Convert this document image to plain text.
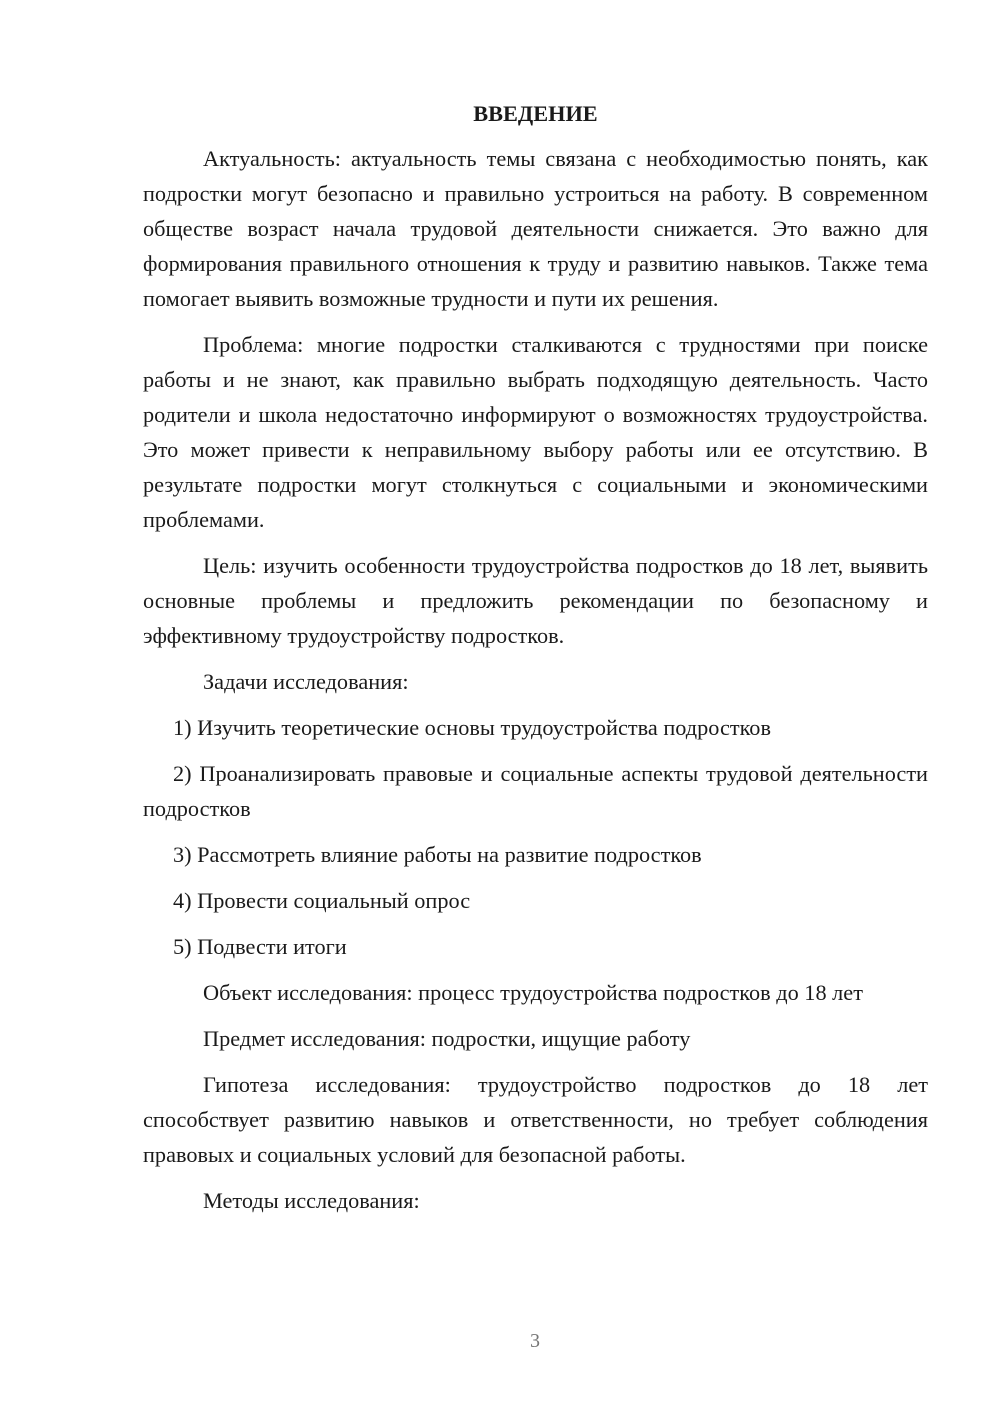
ВВЕДЕНИЕ

Актуальность: актуальность темы связана с необходимостью понять, как подростки могут безопасно и правильно устроиться на работу. В современном обществе возраст начала трудовой деятельности снижается. Это важно для формирования правильного отношения к труду и развитию навыков. Также тема помогает выявить возможные трудности и пути их решения.

Проблема: многие подростки сталкиваются с трудностями при поиске работы и не знают, как правильно выбрать подходящую деятельность. Часто родители и школа недостаточно информируют о возможностях трудоустройства. Это может привести к неправильному выбору работы или ее отсутствию. В результате подростки могут столкнуться с социальными и экономическими проблемами.

Цель: изучить особенности трудоустройства подростков до 18 лет, выявить основные проблемы и предложить рекомендации по безопасному и эффективному трудоустройству подростков.

Задачи исследования:

1) Изучить теоретические основы трудоустройства подростков

2) Проанализировать правовые и социальные аспекты трудовой деятельности подростков

3) Рассмотреть влияние работы на развитие подростков

4) Провести социальный опрос

5) Подвести итоги

Объект исследования: процесс трудоустройства подростков до 18 лет

Предмет исследования: подростки, ищущие работу

Гипотеза исследования: трудоустройство подростков до 18 лет способствует развитию навыков и ответственности, но требует соблюдения правовых и социальных условий для безопасной работы.

Методы исследования:

3
